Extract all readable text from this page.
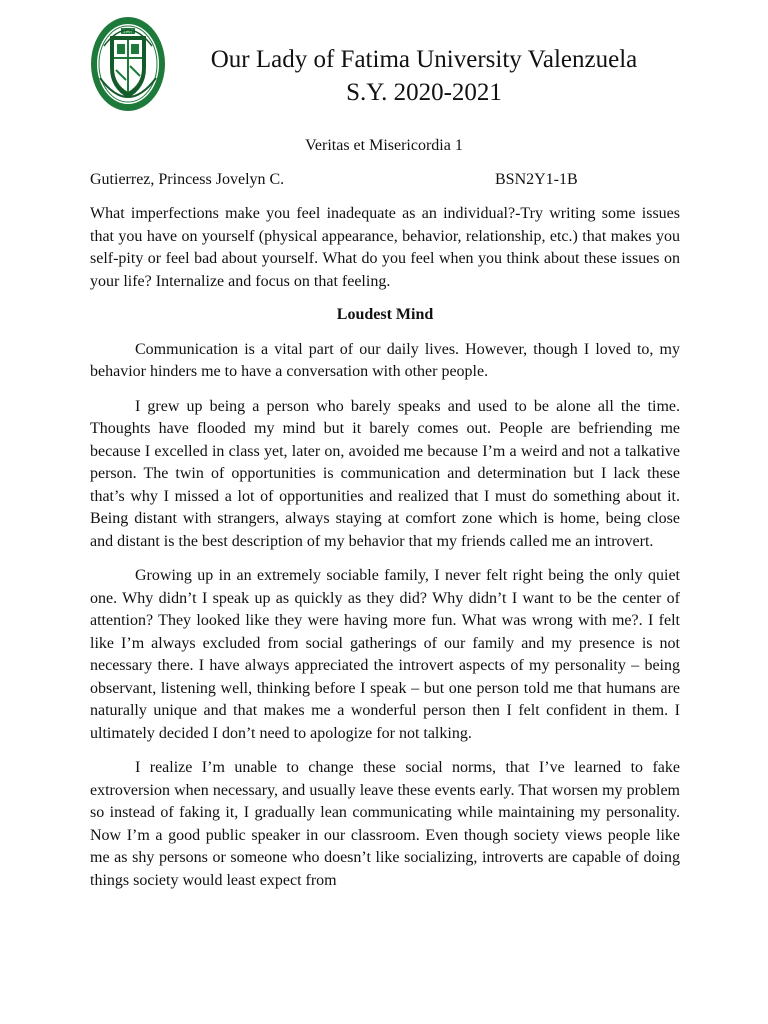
1967
Our Lady of Fatima University Valenzuela
S.Y. 2020-2021
Veritas et Misericordia 1
Gutierrez, Princess Jovelyn C.	BSN2Y1-1B

What imperfections make you feel inadequate as an individual?-Try writing some issues that you have on yourself (physical appearance, behavior, relationship, etc.) that makes you self-pity or feel bad about yourself. What do you feel when you think about these issues on your life? Internalize and focus on that feeling.

Loudest Mind

Communication is a vital part of our daily lives. However, though I loved to, my behavior hinders me to have a conversation with other people.

I grew up being a person who barely speaks and used to be alone all the time. Thoughts have flooded my mind but it barely comes out. People are befriending me because I excelled in class yet, later on, avoided me because I’m a weird and not a talkative person. The twin of opportunities is communication and determination but I lack these that’s why I missed a lot of opportunities and realized that I must do something about it. Being distant with strangers, always staying at comfort zone which is home, being close and distant is the best description of my behavior that my friends called me an introvert.

Growing up in an extremely sociable family, I never felt right being the only quiet one. Why didn’t I speak up as quickly as they did? Why didn’t I want to be the center of attention? They looked like they were having more fun. What was wrong with me?. I felt like I’m always excluded from social gatherings of our family and my presence is not necessary there. I have always appreciated the introvert aspects of my personality – being observant, listening well, thinking before I speak – but one person told me that humans are naturally unique and that makes me a wonderful person then I felt confident in them. I ultimately decided I don’t need to apologize for not talking.

I realize I’m unable to change these social norms, that I’ve learned to fake extroversion when necessary, and usually leave these events early. That worsen my problem so instead of faking it, I gradually lean communicating while maintaining my personality. Now I’m a good public speaker in our classroom. Even though society views people like me as shy persons or someone who doesn’t like socializing, introverts are capable of doing things society would least expect from
